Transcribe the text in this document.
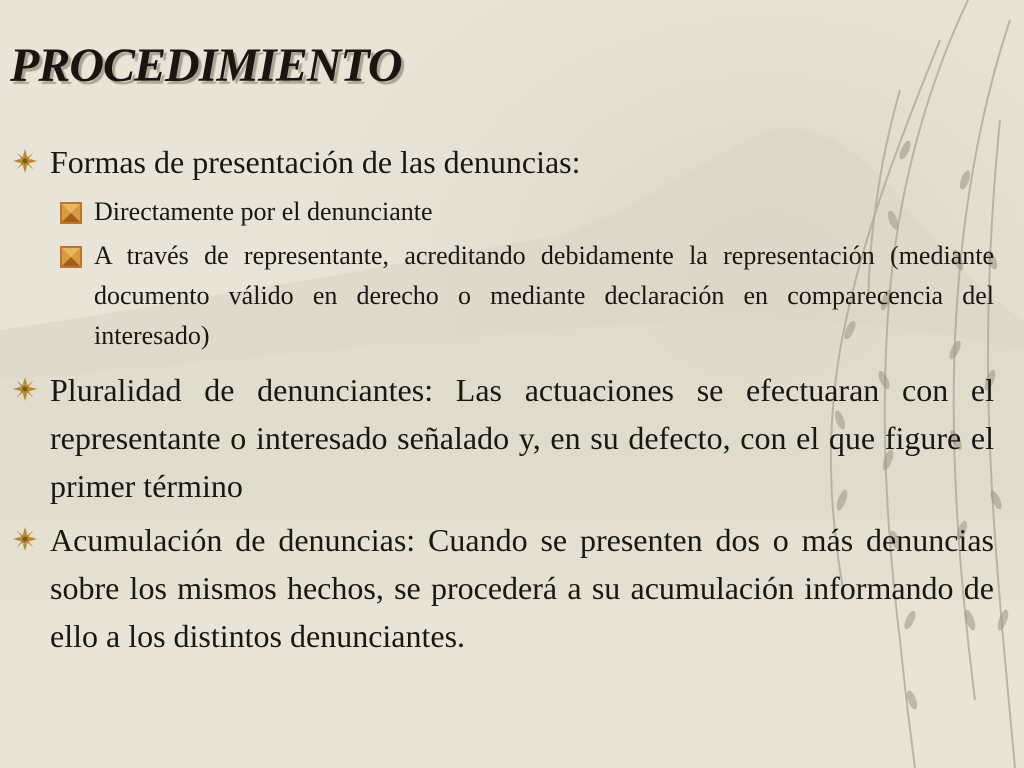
PROCEDIMIENTO
Formas de presentación de las denuncias:
Directamente por el denunciante
A través de representante, acreditando debidamente la representación (mediante documento válido en derecho o mediante declaración en comparecencia del interesado)
Pluralidad de denunciantes: Las actuaciones se efectuaran con el representante o interesado señalado y, en su defecto, con el que figure el primer término
Acumulación de denuncias: Cuando se presenten dos o más denuncias sobre los mismos hechos, se procederá a su acumulación informando de ello a los distintos denunciantes.
